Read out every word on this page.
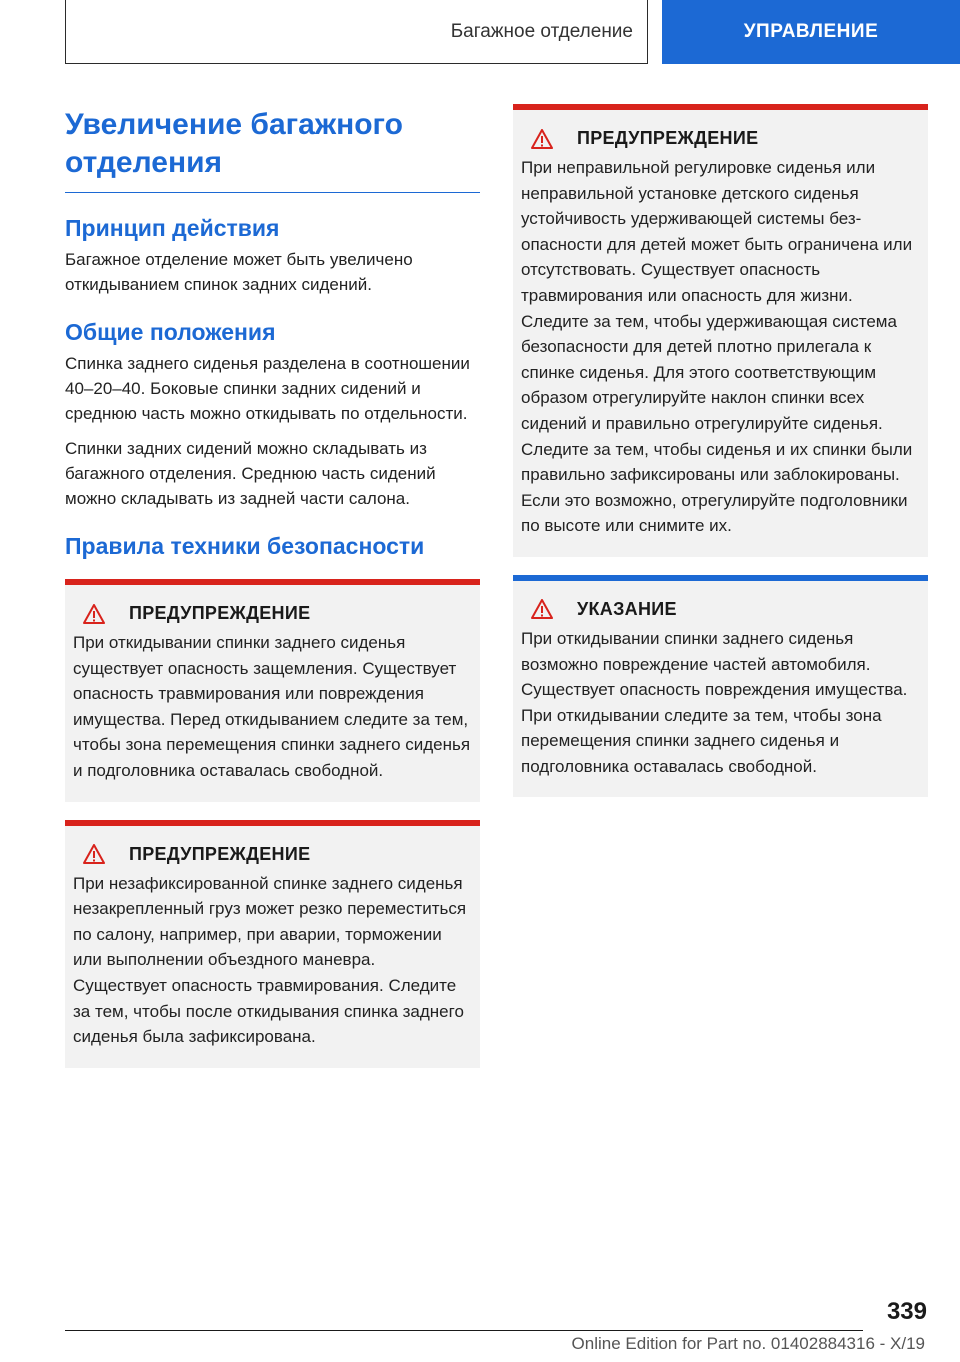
Багажное отделение	УПРАВЛЕНИЕ
Увеличение багажного отделения
Принцип действия
Багажное отделение может быть увеличено откидыванием спинок задних сидений.
Общие положения
Спинка заднего сиденья разделена в соотношении 40–20–40. Боковые спинки задних сидений и среднюю часть можно откидывать по отдельности.
Спинки задних сидений можно складывать из багажного отделения. Среднюю часть сидений можно складывать из задней части салона.
Правила техники безопасности
ПРЕДУПРЕЖДЕНИЕ
При откидывании спинки заднего сиденья существует опасность защемления. Существует опасность травмирования или повреждения имущества. Перед откидыванием следите за тем, чтобы зона перемещения спинки заднего сиденья и подголовника оставалась свободной.
ПРЕДУПРЕЖДЕНИЕ
При незафиксированной спинке заднего сиденья незакрепленный груз может резко переместиться по салону, например, при аварии, торможении или выполнении объездного маневра. Существует опасность травмирования. Следите за тем, чтобы после откидывания спинка заднего сиденья была зафиксирована.
ПРЕДУПРЕЖДЕНИЕ
При неправильной регулировке сиденья или неправильной установке детского сиденья устойчивость удерживающей системы безопасности для детей может быть ограничена или отсутствовать. Существует опасность травмирования или опасность для жизни. Следите за тем, чтобы удерживающая система безопасности для детей плотно прилегала к спинке сиденья. Для этого соответствующим образом отрегулируйте наклон спинки всех сидений и правильно отрегулируйте сиденья. Следите за тем, чтобы сиденья и их спинки были правильно зафиксированы или заблокированы. Если это возможно, отрегулируйте подголовники по высоте или снимите их.
УКАЗАНИЕ
При откидывании спинки заднего сиденья возможно повреждение частей автомобиля. Существует опасность повреждения имущества. При откидывании следите за тем, чтобы зона перемещения спинки заднего сиденья и подголовника оставалась свободной.
339
Online Edition for Part no. 01402884316 - X/19
